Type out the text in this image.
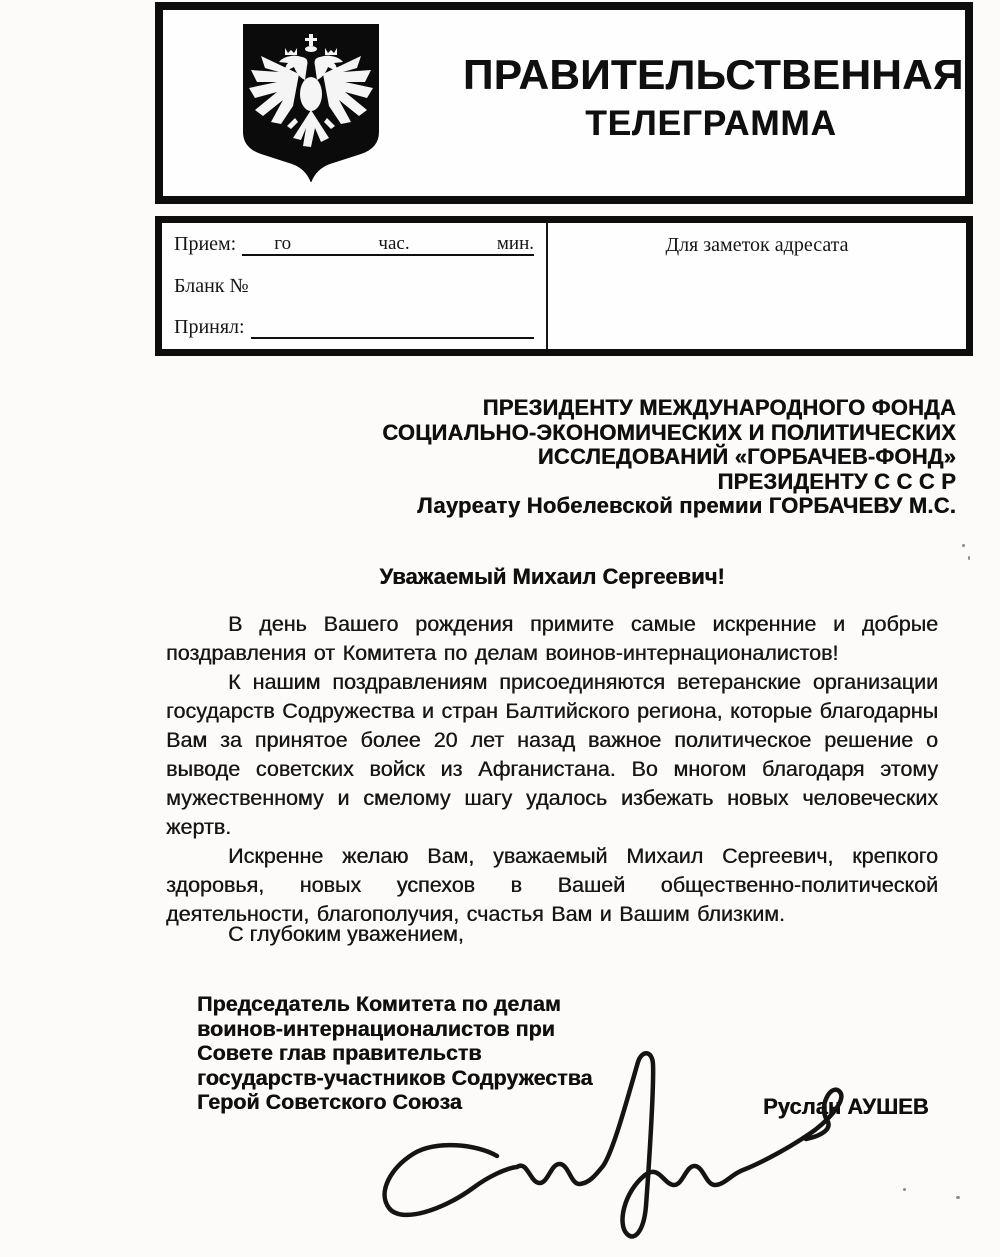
ПРАВИТЕЛЬСТВЕННАЯ
ТЕЛЕГРАММА
Прием: го	час.	мин.
Бланк №
Принял:
Для заметок адресата
ПРЕЗИДЕНТУ МЕЖДУНАРОДНОГО ФОНДА
СОЦИАЛЬНО-ЭКОНОМИЧЕСКИХ И ПОЛИТИЧЕСКИХ
ИССЛЕДОВАНИЙ «ГОРБАЧЕВ-ФОНД»
ПРЕЗИДЕНТУ С С С Р
Лауреату Нобелевской премии ГОРБАЧЕВУ М.С.
Уважаемый Михаил Сергеевич!

В день Вашего рождения примите самые искренние и добрые поздравления от Комитета по делам воинов-интернационалистов!

К нашим поздравлениям присоединяются ветеранские организации государств Содружества и стран Балтийского региона, которые благодарны Вам за принятое более 20 лет назад важное политическое решение о выводе советских войск из Афганистана. Во многом благодаря этому мужественному и смелому шагу удалось избежать новых человеческих жертв.

Искренне желаю Вам, уважаемый Михаил Сергеевич, крепкого здоровья, новых успехов в Вашей общественно-политической деятельности, благополучия, счастья Вам и Вашим близким.

С глубоким уважением,
Председатель Комитета по делам
воинов-интернационалистов при
Совете глав правительств
государств-участников Содружества
Герой Советского Союза	Руслан АУШЕВ
